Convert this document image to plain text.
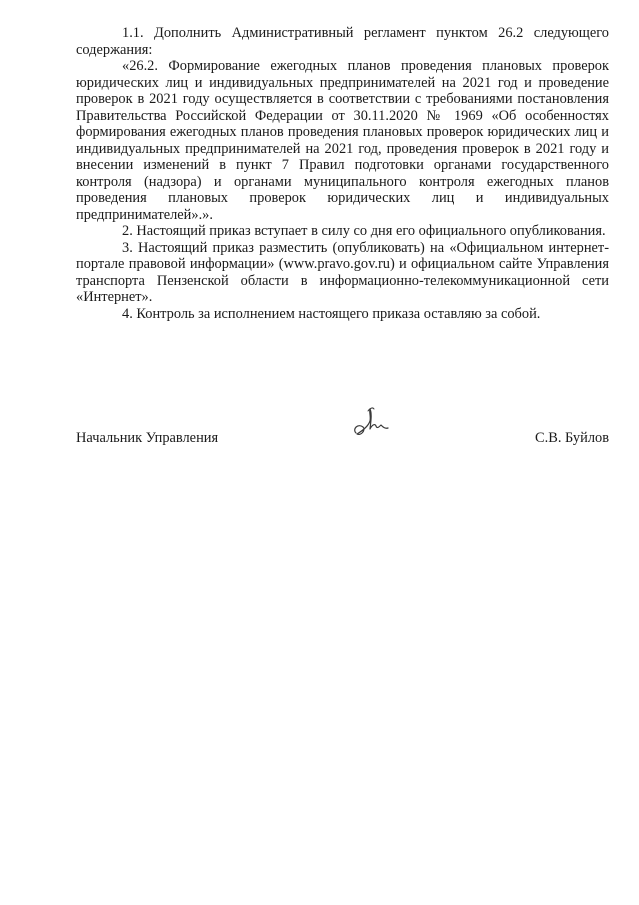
1.1. Дополнить Административный регламент пунктом 26.2 следующего содержания:

«26.2. Формирование ежегодных планов проведения плановых проверок юридических лиц и индивидуальных предпринимателей на 2021 год и проведение проверок в 2021 году осуществляется в соответствии с требованиями постановления Правительства Российской Федерации от 30.11.2020 № 1969 «Об особенностях формирования ежегодных планов проведения плановых проверок юридических лиц и индивидуальных предпринимателей на 2021 год, проведения проверок в 2021 году и внесении изменений в пункт 7 Правил подготовки органами государственного контроля (надзора) и органами муниципального контроля ежегодных планов проведения плановых проверок юридических лиц и индивидуальных предпринимателей».».

2. Настоящий приказ вступает в силу со дня его официального опубликования.

3. Настоящий приказ разместить (опубликовать) на «Официальном интернет-портале правовой информации» (www.pravo.gov.ru) и официальном сайте Управления транспорта Пензенской области в информационно-телекоммуникационной сети «Интернет».

4. Контроль за исполнением настоящего приказа оставляю за собой.

Начальник Управления	С.В. Буйлов
